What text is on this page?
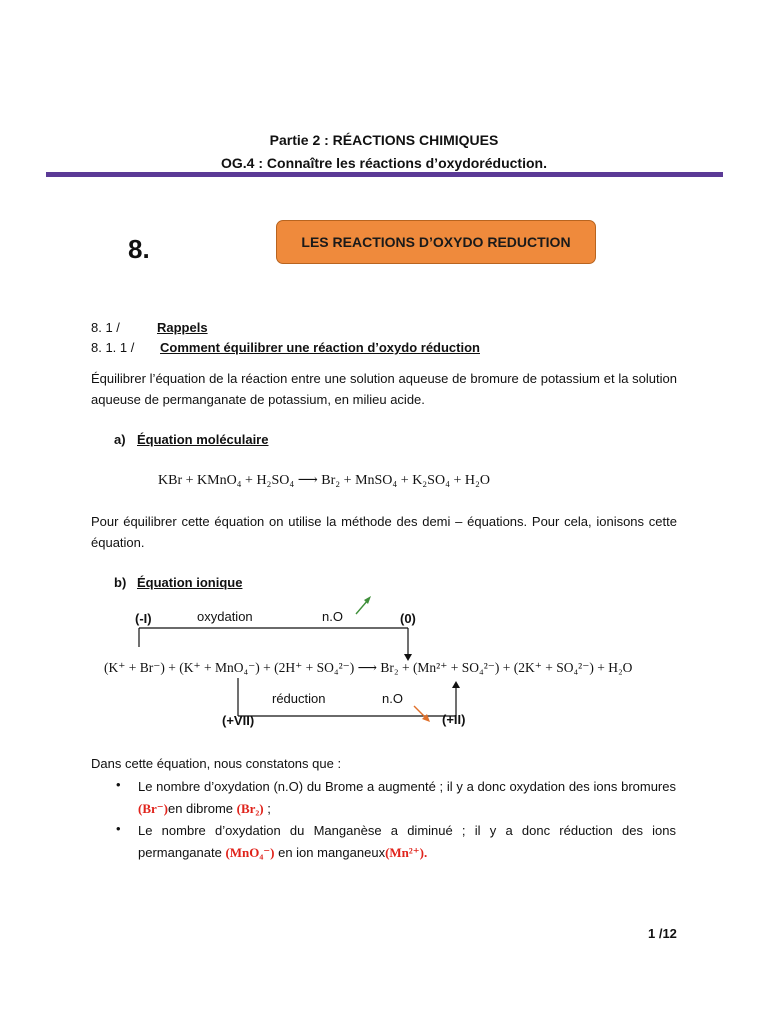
Partie 2 : RÉACTIONS CHIMIQUES
OG.4 : Connaître les réactions d’oxydoréduction.
8.	LES REACTIONS D’OXYDO REDUCTION
8. 1 /	Rappels
8. 1. 1 / Comment équilibrer une réaction d’oxydo réduction
Équilibrer l’équation de la réaction entre une solution aqueuse de bromure de potassium et la solution aqueuse de permanganate de potassium, en milieu acide.
a) Équation moléculaire
KBr + KMnO₄ + H₂SO₄ ⟶ Br₂ + MnSO₄ + K₂SO₄ + H₂O
Pour équilibrer cette équation on utilise la méthode des demi – équations. Pour cela, ionisons cette équation.
b) Équation ionique
(-I)	oxydation	n.O	(0)
(K⁺ + Br⁻) + (K⁺ + MnO₄⁻) + (2H⁺ + SO₄²⁻) ⟶ Br₂ + (Mn²⁺ + SO₄²⁻) + (2K⁺ + SO₄²⁻) + H₂O
réduction	n.O
(+VII)	(+II)
Dans cette équation, nous constatons que :
• Le nombre d’oxydation (n.O) du Brome a augmenté ; il y a donc oxydation des ions bromures (Br⁻)en dibrome (Br₂) ;
• Le nombre d’oxydation du Manganèse a diminué ; il y a donc réduction des ions permanganate (MnO₄⁻) en ion manganeux(Mn²⁺).
1 /12
